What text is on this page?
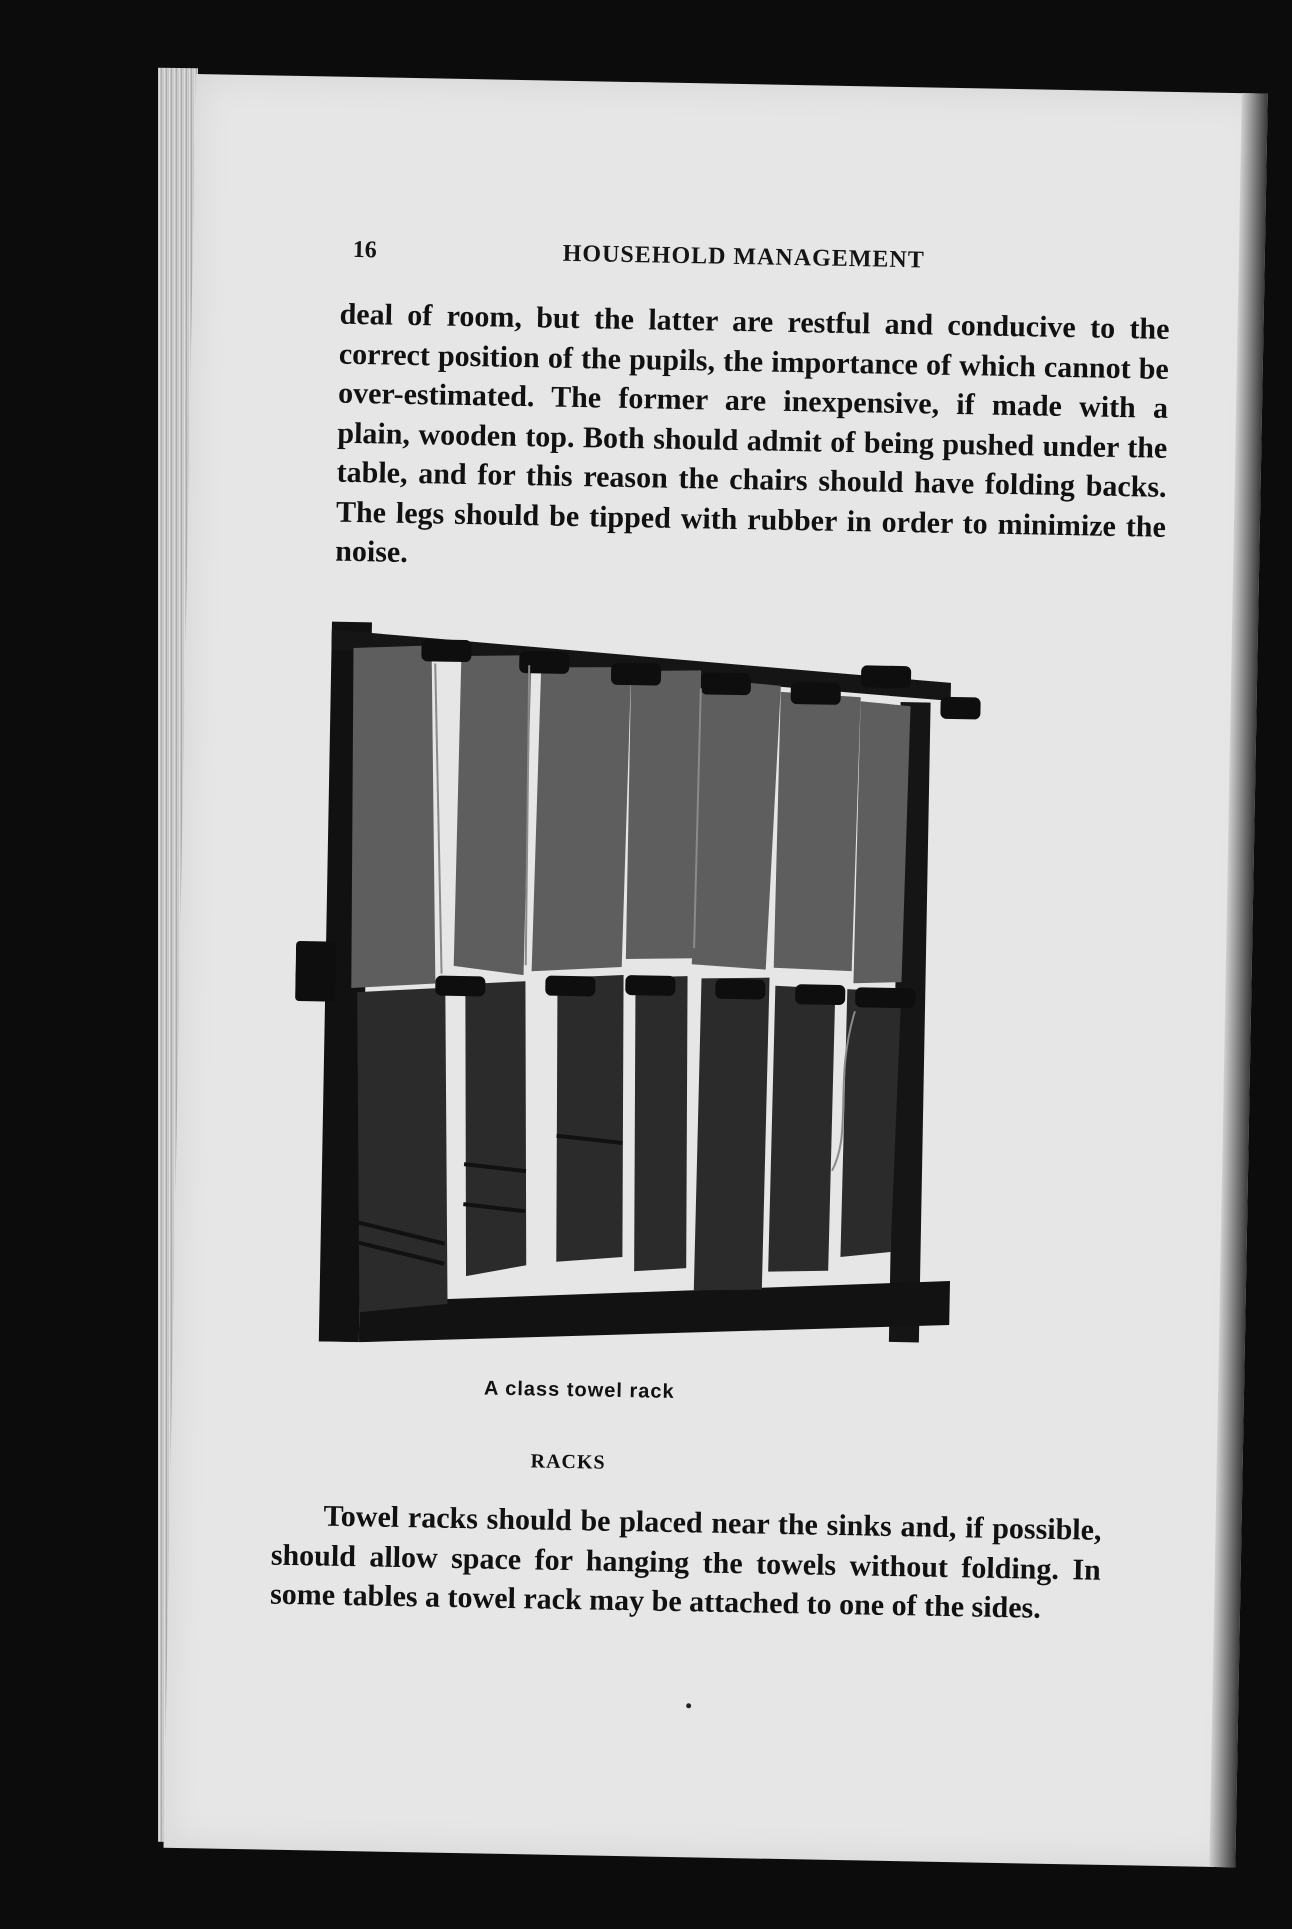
16	HOUSEHOLD MANAGEMENT
deal of room, but the latter are restful and conducive to the correct position of the pupils, the importance of which cannot be over-estimated. The former are inexpensive, if made with a plain, wooden top. Both should admit of being pushed under the table, and for this reason the chairs should have folding backs. The legs should be tipped with rubber in order to minimize the noise.
A class towel rack
RACKS
Towel racks should be placed near the sinks and, if possible, should allow space for hanging the towels without folding. In some tables a towel rack may be attached to one of the sides.
